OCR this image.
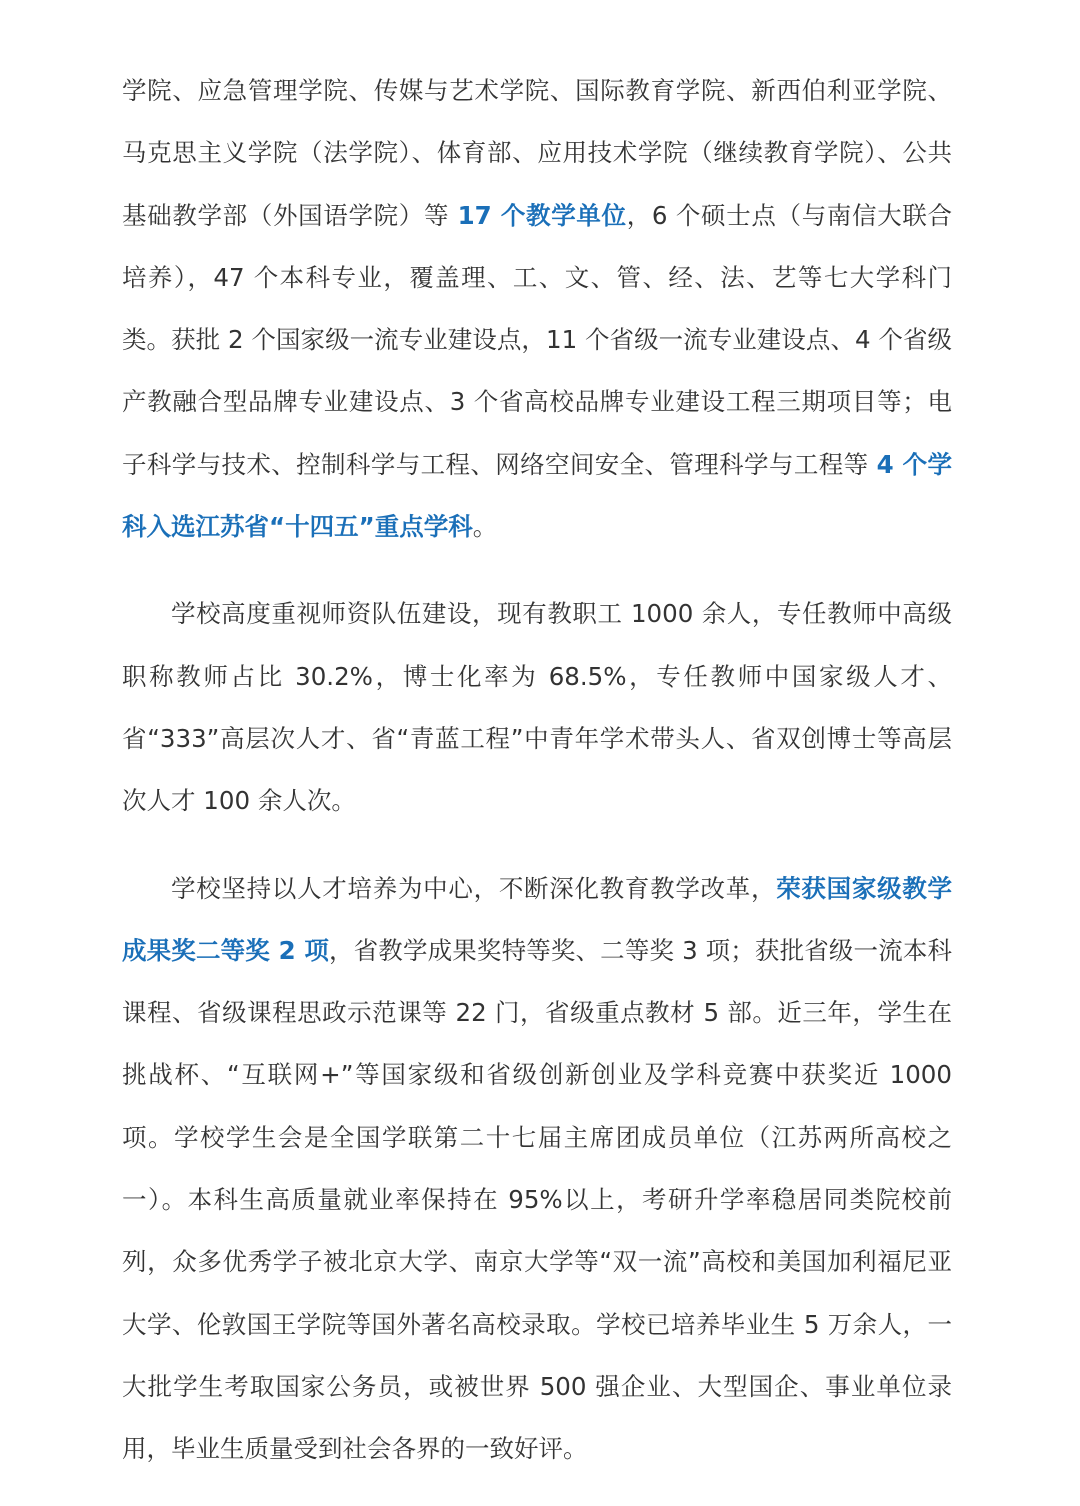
学院、应急管理学院、传媒与艺术学院、国际教育学院、新西伯利亚学院、马克思主义学院（法学院）、体育部、应用技术学院（继续教育学院）、公共基础教学部（外国语学院）等 17 个教学单位，6 个硕士点（与南信大联合培养），47 个本科专业，覆盖理、工、文、管、经、法、艺等七大学科门类。获批 2 个国家级一流专业建设点，11 个省级一流专业建设点、4 个省级产教融合型品牌专业建设点、3 个省高校品牌专业建设工程三期项目等；电子科学与技术、控制科学与工程、网络空间安全、管理科学与工程等 4 个学科入选江苏省“十四五”重点学科。

学校高度重视师资队伍建设，现有教职工 1000 余人，专任教师中高级职称教师占比 30.2%，博士化率为 68.5%，专任教师中国家级人才、省“333”高层次人才、省“青蓝工程”中青年学术带头人、省双创博士等高层次人才 100 余人次。

学校坚持以人才培养为中心，不断深化教育教学改革，荣获国家级教学成果奖二等奖 2 项，省教学成果奖特等奖、二等奖 3 项；获批省级一流本科课程、省级课程思政示范课等 22 门，省级重点教材 5 部。近三年，学生在挑战杯、“互联网+”等国家级和省级创新创业及学科竞赛中获奖近 1000 项。学校学生会是全国学联第二十七届主席团成员单位（江苏两所高校之一）。本科生高质量就业率保持在 95%以上，考研升学率稳居同类院校前列，众多优秀学子被北京大学、南京大学等“双一流”高校和美国加利福尼亚大学、伦敦国王学院等国外著名高校录取。学校已培养毕业生 5 万余人，一大批学生考取国家公务员，或被世界 500 强企业、大型国企、事业单位录用，毕业生质量受到社会各界的一致好评。
